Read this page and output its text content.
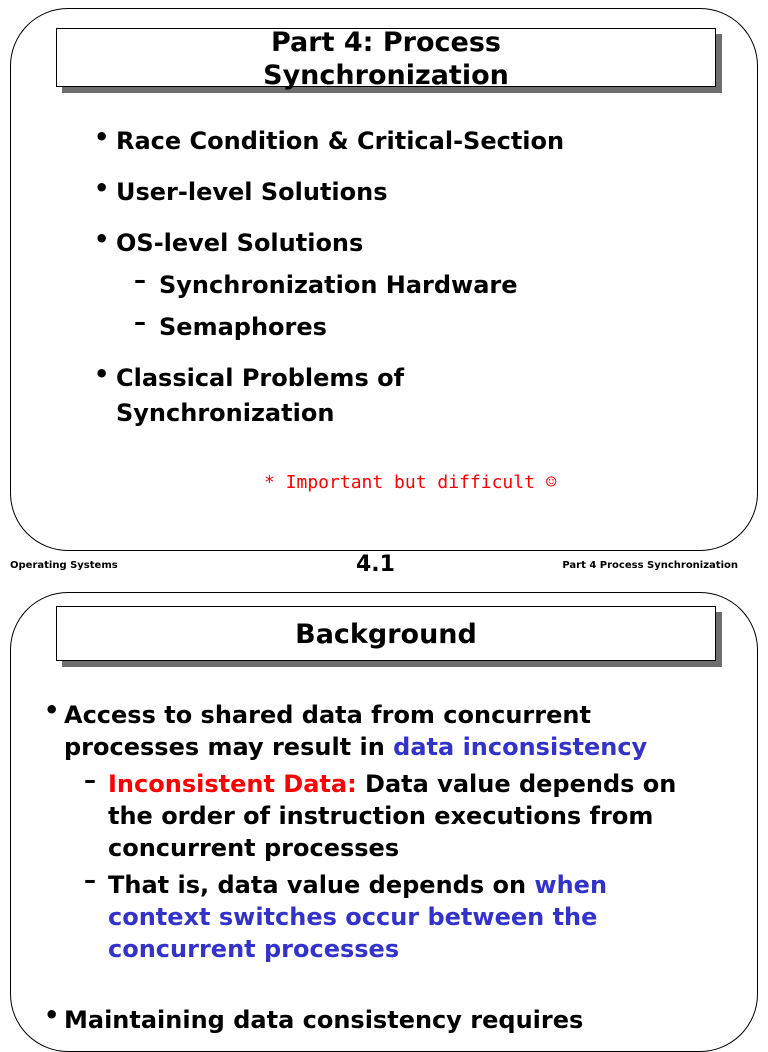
Part 4: Process
Synchronization
• Race Condition & Critical-Section
• User-level Solutions
• OS-level Solutions
– Synchronization Hardware
– Semaphores
• Classical Problems of
Synchronization
* Important but difficult ☺
Operating Systems	4.1	Part 4 Process Synchronization
Background
• Access to shared data from concurrent
processes may result in data inconsistency
– Inconsistent Data: Data value depends on
the order of instruction executions from
concurrent processes
– That is, data value depends on when
context switches occur between the
concurrent processes
• Maintaining data consistency requires
